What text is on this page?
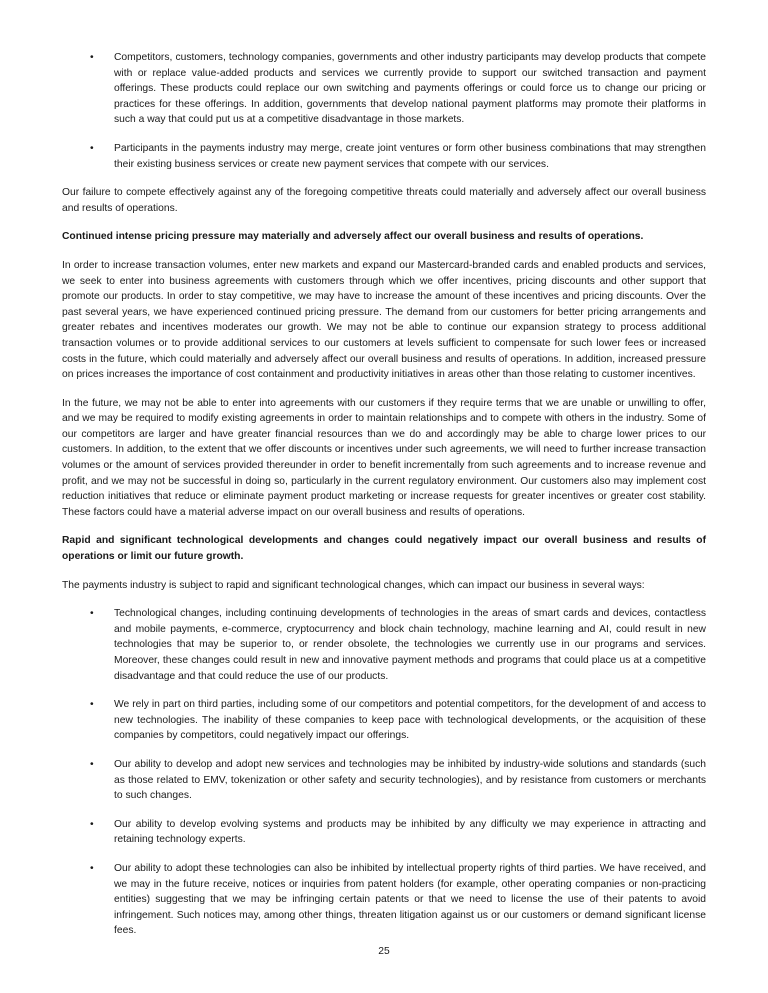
• Competitors, customers, technology companies, governments and other industry participants may develop products that compete with or replace value-added products and services we currently provide to support our switched transaction and payment offerings. These products could replace our own switching and payments offerings or could force us to change our pricing or practices for these offerings. In addition, governments that develop national payment platforms may promote their platforms in such a way that could put us at a competitive disadvantage in those markets.
• Participants in the payments industry may merge, create joint ventures or form other business combinations that may strengthen their existing business services or create new payment services that compete with our services.

Our failure to compete effectively against any of the foregoing competitive threats could materially and adversely affect our overall business and results of operations.

Continued intense pricing pressure may materially and adversely affect our overall business and results of operations.

In order to increase transaction volumes, enter new markets and expand our Mastercard-branded cards and enabled products and services, we seek to enter into business agreements with customers through which we offer incentives, pricing discounts and other support that promote our products. In order to stay competitive, we may have to increase the amount of these incentives and pricing discounts. Over the past several years, we have experienced continued pricing pressure. The demand from our customers for better pricing arrangements and greater rebates and incentives moderates our growth. We may not be able to continue our expansion strategy to process additional transaction volumes or to provide additional services to our customers at levels sufficient to compensate for such lower fees or increased costs in the future, which could materially and adversely affect our overall business and results of operations. In addition, increased pressure on prices increases the importance of cost containment and productivity initiatives in areas other than those relating to customer incentives.

In the future, we may not be able to enter into agreements with our customers if they require terms that we are unable or unwilling to offer, and we may be required to modify existing agreements in order to maintain relationships and to compete with others in the industry. Some of our competitors are larger and have greater financial resources than we do and accordingly may be able to charge lower prices to our customers. In addition, to the extent that we offer discounts or incentives under such agreements, we will need to further increase transaction volumes or the amount of services provided thereunder in order to benefit incrementally from such agreements and to increase revenue and profit, and we may not be successful in doing so, particularly in the current regulatory environment. Our customers also may implement cost reduction initiatives that reduce or eliminate payment product marketing or increase requests for greater incentives or greater cost stability. These factors could have a material adverse impact on our overall business and results of operations.

Rapid and significant technological developments and changes could negatively impact our overall business and results of operations or limit our future growth.

The payments industry is subject to rapid and significant technological changes, which can impact our business in several ways:

• Technological changes, including continuing developments of technologies in the areas of smart cards and devices, contactless and mobile payments, e-commerce, cryptocurrency and block chain technology, machine learning and AI, could result in new technologies that may be superior to, or render obsolete, the technologies we currently use in our programs and services. Moreover, these changes could result in new and innovative payment methods and programs that could place us at a competitive disadvantage and that could reduce the use of our products.
• We rely in part on third parties, including some of our competitors and potential competitors, for the development of and access to new technologies. The inability of these companies to keep pace with technological developments, or the acquisition of these companies by competitors, could negatively impact our offerings.
• Our ability to develop and adopt new services and technologies may be inhibited by industry-wide solutions and standards (such as those related to EMV, tokenization or other safety and security technologies), and by resistance from customers or merchants to such changes.
• Our ability to develop evolving systems and products may be inhibited by any difficulty we may experience in attracting and retaining technology experts.
• Our ability to adopt these technologies can also be inhibited by intellectual property rights of third parties. We have received, and we may in the future receive, notices or inquiries from patent holders (for example, other operating companies or non-practicing entities) suggesting that we may be infringing certain patents or that we need to license the use of their patents to avoid infringement. Such notices may, among other things, threaten litigation against us or our customers or demand significant license fees.
25
